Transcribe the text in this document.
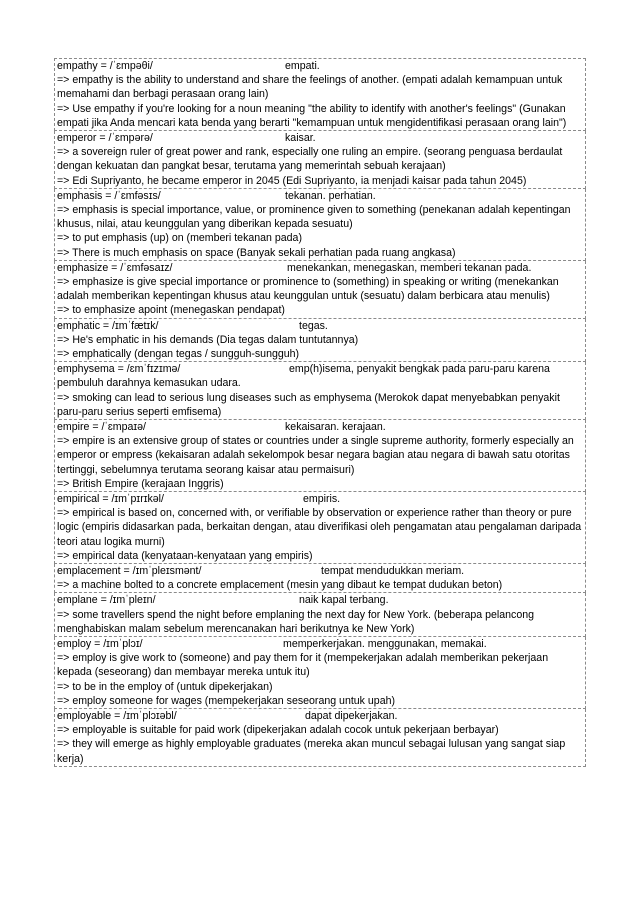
empathy = /ˈɛmpəθi/	empati.
=> empathy is the ability to understand and share the feelings of another. (empati adalah kemampuan untuk memahami dan berbagi perasaan orang lain)
=> Use empathy if you're looking for a noun meaning "the ability to identify with another's feelings" (Gunakan empati jika Anda mencari kata benda yang berarti "kemampuan untuk mengidentifikasi perasaan orang lain")
emperor = /ˈɛmpərə/	kaisar.
=> a sovereign ruler of great power and rank, especially one ruling an empire. (seorang penguasa berdaulat dengan kekuatan dan pangkat besar, terutama yang memerintah sebuah kerajaan)
=> Edi Supriyanto, he became emperor in 2045 (Edi Supriyanto, ia menjadi kaisar pada tahun 2045)
emphasis = /ˈɛmfəsɪs/	tekanan. perhatian.
=> emphasis is special importance, value, or prominence given to something (penekanan adalah kepentingan khusus, nilai, atau keunggulan yang diberikan kepada sesuatu)
=> to put emphasis (up) on (memberi tekanan pada)
=> There is much emphasis on space (Banyak sekali perhatian pada ruang angkasa)
emphasize = /ˈɛmfəsaɪz/	menekankan, menegaskan, memberi tekanan pada.
=> emphasize is give special importance or prominence to (something) in speaking or writing (menekankan adalah memberikan kepentingan khusus atau keunggulan untuk (sesuatu) dalam berbicara atau menulis)
=> to emphasize apoint (menegaskan pendapat)
emphatic = /ɪmˈfætɪk/	tegas.
=> He's emphatic in his demands (Dia tegas dalam tuntutannya)
=> emphatically (dengan tegas / sungguh-sungguh)
emphysema = /ɛmˈfɪzɪmə/	emp(h)isema, penyakit bengkak pada paru-paru karena pembuluh darahnya kemasukan udara.
=> smoking can lead to serious lung diseases such as emphysema (Merokok dapat menyebabkan penyakit paru-paru serius seperti emfisema)
empire = /ˈɛmpaɪə/	kekaisaran. kerajaan.
=> empire is an extensive group of states or countries under a single supreme authority, formerly especially an emperor or empress (kekaisaran adalah sekelompok besar negara bagian atau negara di bawah satu otoritas tertinggi, sebelumnya terutama seorang kaisar atau permaisuri)
=> British Empire (kerajaan Inggris)
empirical = /ɪmˈpɪrɪkəl/	empiris.
=> empirical is based on, concerned with, or verifiable by observation or experience rather than theory or pure logic (empiris didasarkan pada, berkaitan dengan, atau diverifikasi oleh pengamatan atau pengalaman daripada teori atau logika murni)
=> empirical data (kenyataan-kenyataan yang empiris)
emplacement = /ɪmˈpleɪsmənt/	tempat mendudukkan meriam.
=> a machine bolted to a concrete emplacement (mesin yang dibaut ke tempat dudukan beton)
emplane = /ɪmˈpleɪn/	naik kapal terbang.
=> some travellers spend the night before emplaning the next day for New York. (beberapa pelancong menghabiskan malam sebelum merencanakan hari berikutnya ke New York)
employ = /ɪmˈplɔɪ/	memperkerjakan. menggunakan, memakai.
=> employ is give work to (someone) and pay them for it (mempekerjakan adalah memberikan pekerjaan kepada (seseorang) dan membayar mereka untuk itu)
=> to be in the employ of (untuk dipekerjakan)
=> employ someone for wages (mempekerjakan seseorang untuk upah)
employable = /ɪmˈplɔɪəbl/	dapat dipekerjakan.
=> employable is suitable for paid work (dipekerjakan adalah cocok untuk pekerjaan berbayar)
=> they will emerge as highly employable graduates (mereka akan muncul sebagai lulusan yang sangat siap kerja)
